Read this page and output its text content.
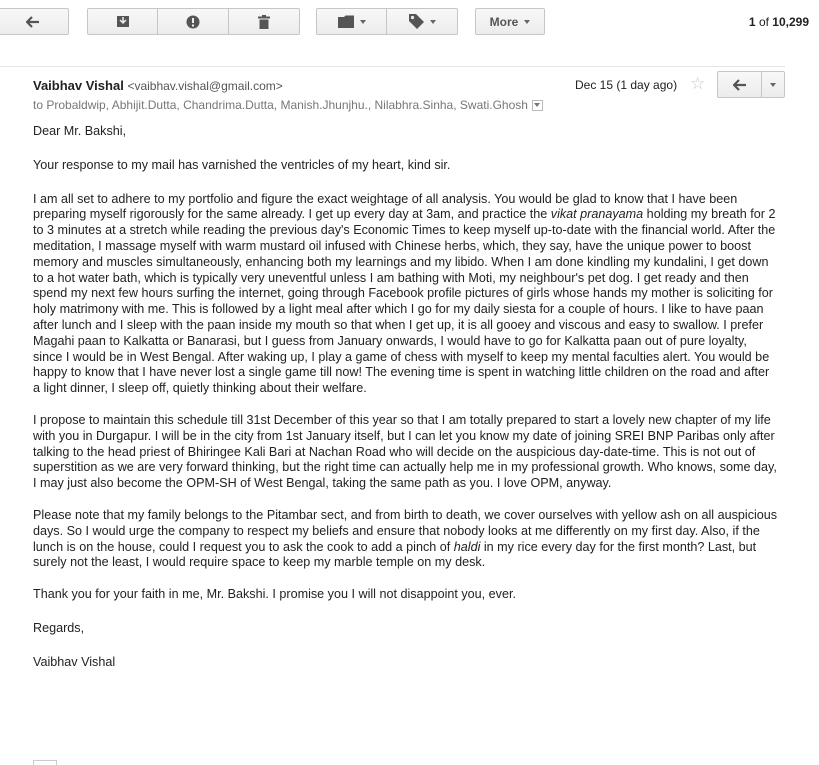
More	1 of 10,299
Vaibhav Vishal <vaibhav.vishal@gmail.com>
to Probaldwip, Abhijit.Dutta, Chandrima.Dutta, Manish.Jhunjhu., Nilabhra.Sinha, Swati.Ghosh
Dec 15 (1 day ago) ☆

Dear Mr. Bakshi,

Your response to my mail has varnished the ventricles of my heart, kind sir.

I am all set to adhere to my portfolio and figure the exact weightage of all analysis. You would be glad to know that I have been preparing myself rigorously for the same already. I get up every day at 3am, and practice the vikat pranayama holding my breath for 2 to 3 minutes at a stretch while reading the previous day's Economic Times to keep myself up-to-date with the financial world. After the meditation, I massage myself with warm mustard oil infused with Chinese herbs, which, they say, have the unique power to boost memory and muscles simultaneously, enhancing both my learnings and my libido. When I am done kindling my kundalini, I get down to a hot water bath, which is typically very uneventful unless I am bathing with Moti, my neighbour's pet dog. I get ready and then spend my next few hours surfing the internet, going through Facebook profile pictures of girls whose hands my mother is soliciting for holy matrimony with me. This is followed by a light meal after which I go for my daily siesta for a couple of hours. I like to have paan after lunch and I sleep with the paan inside my mouth so that when I get up, it is all gooey and viscous and easy to swallow. I prefer Magahi paan to Kalkatta or Banarasi, but I guess from January onwards, I would have to go for Kalkatta paan out of pure loyalty, since I would be in West Bengal. After waking up, I play a game of chess with myself to keep my mental faculties alert. You would be happy to know that I have never lost a single game till now! The evening time is spent in watching little children on the road and after a light dinner, I sleep off, quietly thinking about their welfare.

I propose to maintain this schedule till 31st December of this year so that I am totally prepared to start a lovely new chapter of my life with you in Durgapur. I will be in the city from 1st January itself, but I can let you know my date of joining SREI BNP Paribas only after talking to the head priest of Bhiringee Kali Bari at Nachan Road who will decide on the auspicious day-date-time. This is not out of superstition as we are very forward thinking, but the right time can actually help me in my professional growth. Who knows, some day, I may just also become the OPM-SH of West Bengal, taking the same path as you. I love OPM, anyway.

Please note that my family belongs to the Pitambar sect, and from birth to death, we cover ourselves with yellow ash on all auspicious days. So I would urge the company to respect my beliefs and ensure that nobody looks at me differently on my first day. Also, if the lunch is on the house, could I request you to ask the cook to add a pinch of haldi in my rice every day for the first month? Last, but surely not the least, I would require space to keep my marble temple on my desk.

Thank you for your faith in me, Mr. Bakshi. I promise you I will not disappoint you, ever.

Regards,

Vaibhav Vishal
